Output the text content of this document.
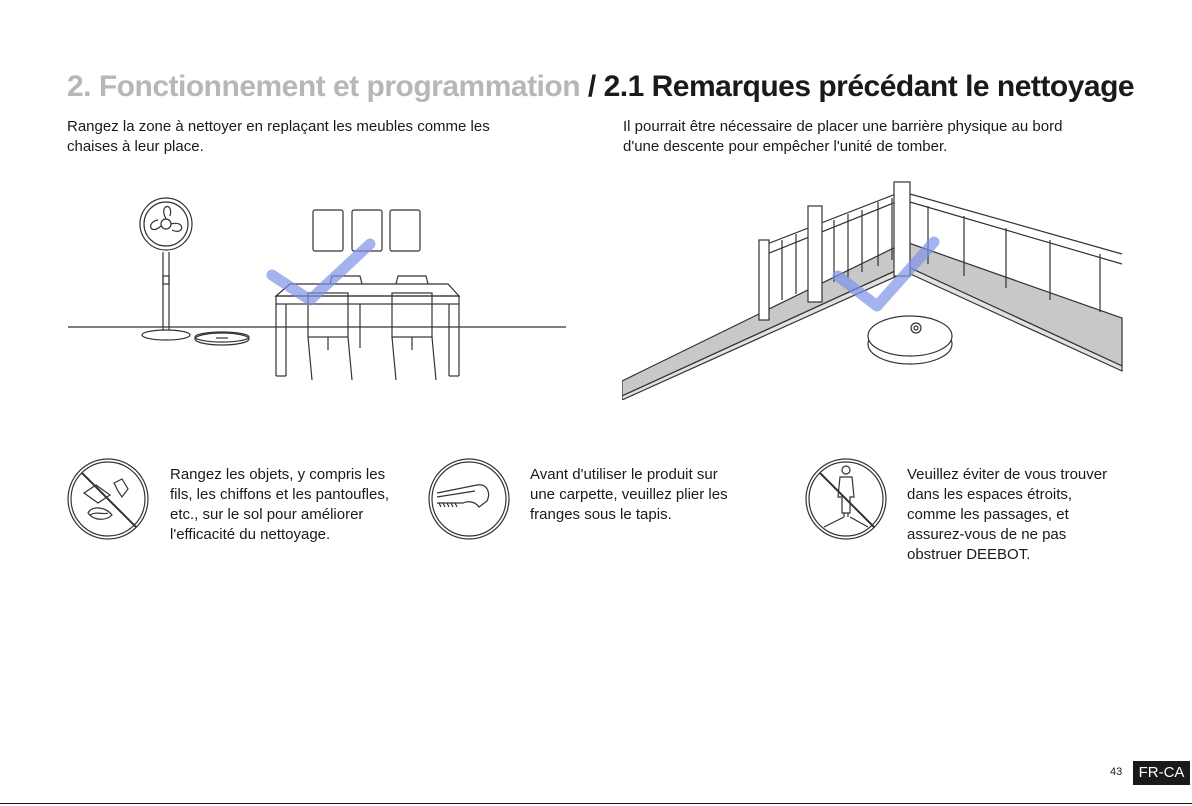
2. Fonctionnement et programmation / 2.1 Remarques précédant le nettoyage
Rangez la zone à nettoyer en replaçant les meubles comme les
chaises à leur place.
Il pourrait être nécessaire de placer une barrière physique au bord
d'une descente pour empêcher l'unité de tomber.
Rangez les objets, y compris les
fils, les chiffons et les pantoufles,
etc., sur le sol pour améliorer
l'efficacité du nettoyage.
Avant d'utiliser le produit sur
une carpette, veuillez plier les
franges sous le tapis.
Veuillez éviter de vous trouver
dans les espaces étroits,
comme les passages, et
assurez-vous de ne pas
obstruer DEEBOT.
43	FR-CA
